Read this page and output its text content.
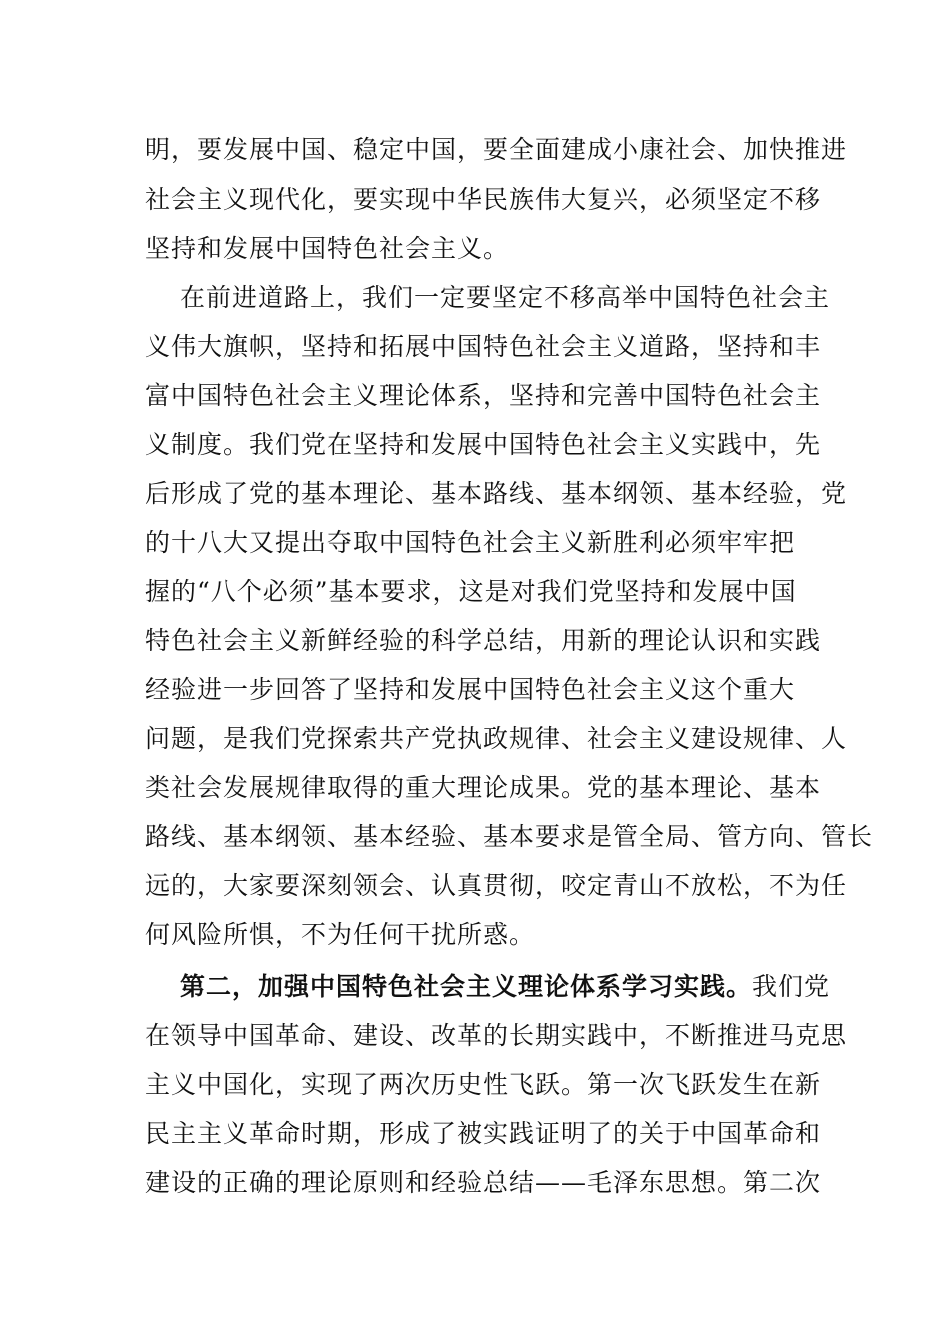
明，要发展中国、稳定中国，要全面建成小康社会、加快推进

社会主义现代化，要实现中华民族伟大复兴，必须坚定不移

坚持和发展中国特色社会主义。

在前进道路上，我们一定要坚定不移高举中国特色社会主

义伟大旗帜，坚持和拓展中国特色社会主义道路，坚持和丰

富中国特色社会主义理论体系，坚持和完善中国特色社会主

义制度。我们党在坚持和发展中国特色社会主义实践中，先

后形成了党的基本理论、基本路线、基本纲领、基本经验，党

的十八大又提出夺取中国特色社会主义新胜利必须牢牢把

握的“八个必须”基本要求，这是对我们党坚持和发展中国

特色社会主义新鲜经验的科学总结，用新的理论认识和实践

经验进一步回答了坚持和发展中国特色社会主义这个重大

问题，是我们党探索共产党执政规律、社会主义建设规律、人

类社会发展规律取得的重大理论成果。党的基本理论、基本

路线、基本纲领、基本经验、基本要求是管全局、管方向、管长

远的，大家要深刻领会、认真贯彻，咬定青山不放松，不为任

何风险所惧，不为任何干扰所惑。

第二，加强中国特色社会主义理论体系学习实践。我们党

在领导中国革命、建设、改革的长期实践中，不断推进马克思

主义中国化，实现了两次历史性飞跃。第一次飞跃发生在新

民主主义革命时期，形成了被实践证明了的关于中国革命和

建设的正确的理论原则和经验总结——毛泽东思想。第二次
